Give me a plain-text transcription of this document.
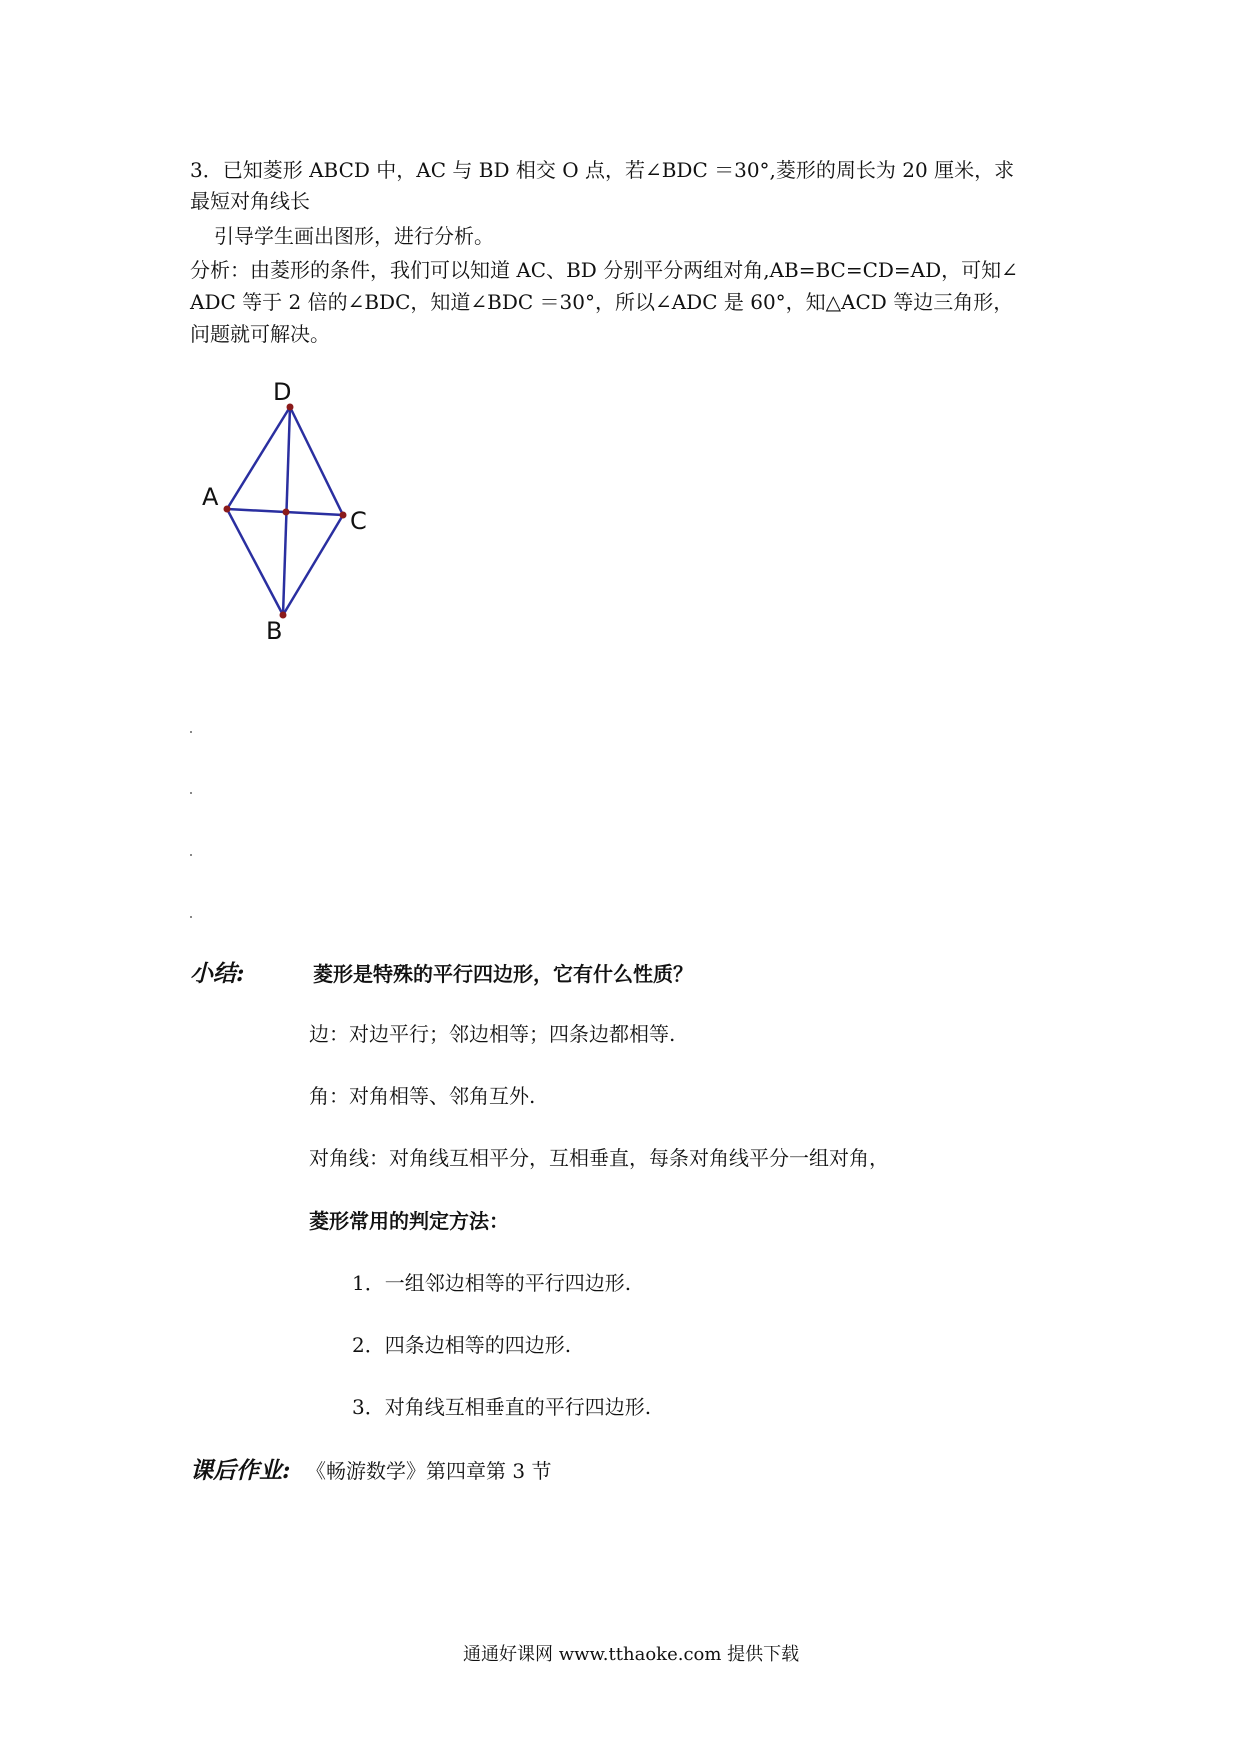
3．已知菱形 ABCD 中，AC 与 BD 相交 O 点，若∠BDC ＝30°,菱形的周长为 20 厘米，求
最短对角线长
引导学生画出图形，进行分析。
分析：由菱形的条件，我们可以知道 AC、BD 分别平分两组对角,AB=BC=CD=AD，可知∠
ADC 等于 2 倍的∠BDC，知道∠BDC ＝30°，所以∠ADC 是 60°，知△ACD 等边三角形，
问题就可解决。
D
A
C
B
小结:	菱形是特殊的平行四边形，它有什么性质？
边：对边平行；邻边相等；四条边都相等.
角：对角相等、邻角互外.
对角线：对角线互相平分，互相垂直，每条对角线平分一组对角，
菱形常用的判定方法：
1．一组邻边相等的平行四边形.
2．四条边相等的四边形.
3．对角线互相垂直的平行四边形.
课后作业: 《畅游数学》第四章第 3 节
通通好课网 www.tthaoke.com 提供下载
